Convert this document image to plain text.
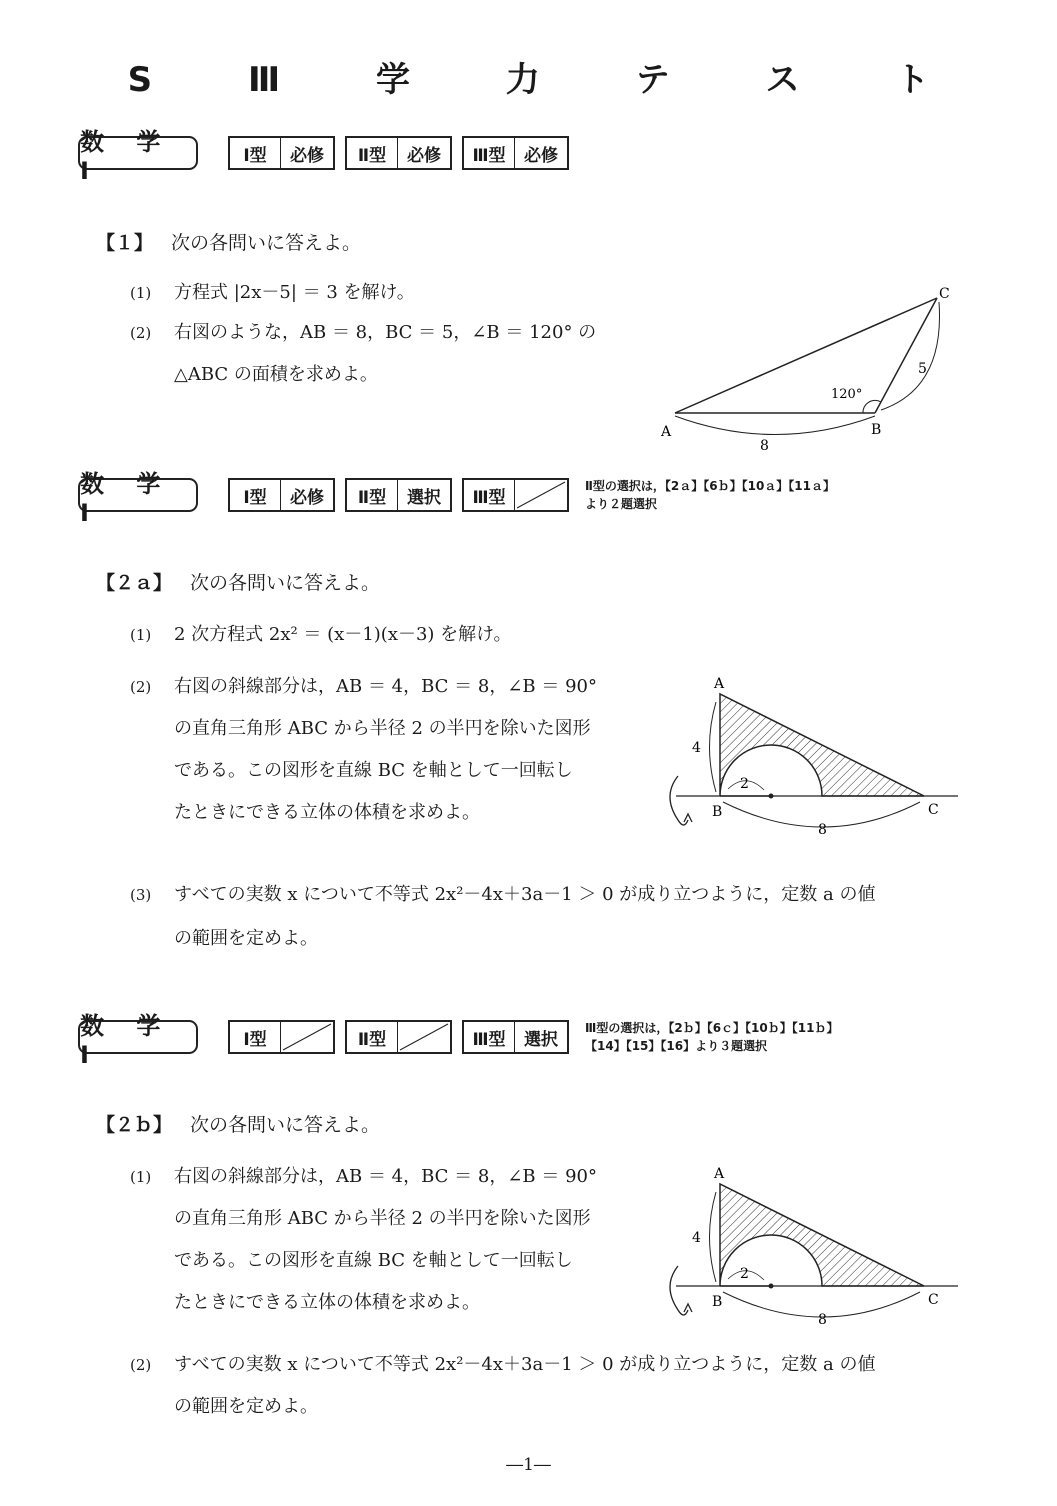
S Ⅲ 学 力 テ ス ト
数 学 Ⅰ
Ⅰ型	必修	Ⅱ型	必修	Ⅲ型	必修
【１】 次の各問いに答えよ。
(1) 方程式 |2x－5| ＝ 3 を解け。
(2) 右図のような，AB ＝ 8，BC ＝ 5，∠B ＝ 120° の
△ABC の面積を求めよ。
A	B
C
8
5
120°
数 学 Ⅰ
Ⅰ型	必修	Ⅱ型	選択	Ⅲ型
Ⅱ型の選択は，【2ａ】【6ｂ】【10ａ】【11ａ】
より２題選択
【２ａ】 次の各問いに答えよ。
(1) 2 次方程式 2x² ＝ (x－1)(x－3) を解け。
(2) 右図の斜線部分は，AB ＝ 4，BC ＝ 8，∠B ＝ 90°
の直角三角形 ABC から半径 2 の半円を除いた図形
である。この図形を直線 BC を軸として一回転し
たときにできる立体の体積を求めよ。
(3) すべての実数 x について不等式 2x²－4x＋3a－1 ＞ 0 が成り立つように，定数 a の値
の範囲を定めよ。
A
B	C
4
8
2
数 学 Ⅰ
Ⅰ型	Ⅱ型	Ⅲ型	選択
Ⅲ型の選択は，【2ｂ】【6ｃ】【10ｂ】【11ｂ】
【14】【15】【16】より３題選択
【２ｂ】 次の各問いに答えよ。
(1) 右図の斜線部分は，AB ＝ 4，BC ＝ 8，∠B ＝ 90°
の直角三角形 ABC から半径 2 の半円を除いた図形
である。この図形を直線 BC を軸として一回転し
たときにできる立体の体積を求めよ。
(2) すべての実数 x について不等式 2x²－4x＋3a－1 ＞ 0 が成り立つように，定数 a の値
の範囲を定めよ。
A
B	C
4
8
2
―1―
